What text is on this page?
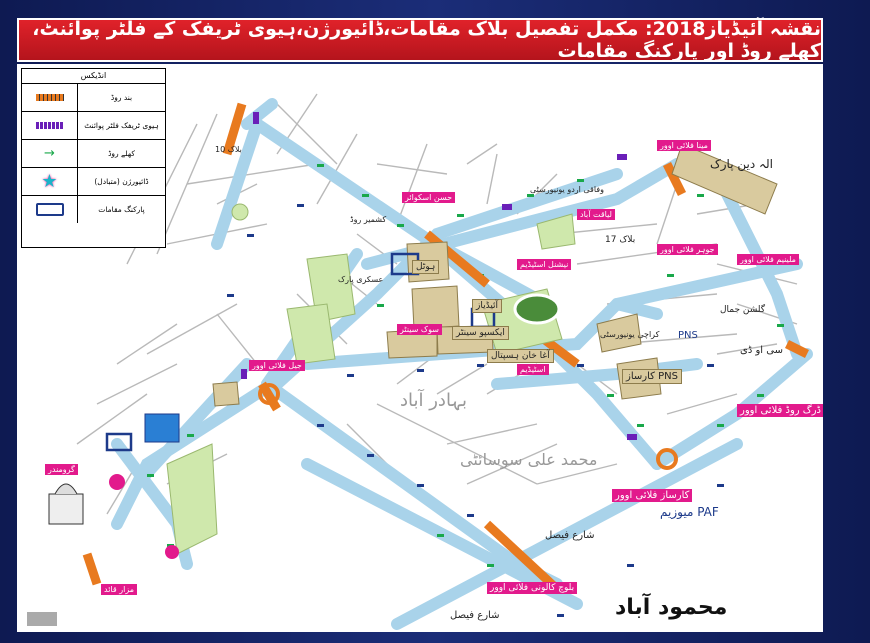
نقشہ آئیڈیاز2018: مکمل تفصیل بلاک مقامات،ڈائیورژن،ہیوی ٹریفک کے فلٹر پوائنٹ، کھلے روڈ اور پارکنگ مقامات
انڈیکس
بند روڈ
ہیوی ٹریفک فلٹر پوائنٹ
→	کھلے روڈ
★	ڈائیورژن (متبادل)
پارکنگ مقامات
مینا فلائی اوور
جوہر فلائی اوور
ملینیم فلائی اوور
ڈرگ روڈ فلائی اوور
کارساز فلائی اوور
بلوچ کالونی فلائی اوور
گرومندر
جیل فلائی اوور	اسٹیڈیم
حسن اسکوائر
لیاقت آباد
نیشنل اسٹیڈیم
مزار قائد
سوک سینٹر	ایکسپو سینٹر
آغا خان ہسپتال
ہوٹل
آئیڈیاز
الہ دین پارک
محمود آباد
بہادر آباد
محمد علی سوسائٹی
PAF میوزیم
PNS
PNS کارساز
شارع فیصل
شارع فیصل
بلاک 17
گلشن جمال
سی او ڈی
کراچی یونیورسٹی
وفاقی اردو یونیورسٹی
بلاک 10
عسکری پارک
کشمیر روڈ
